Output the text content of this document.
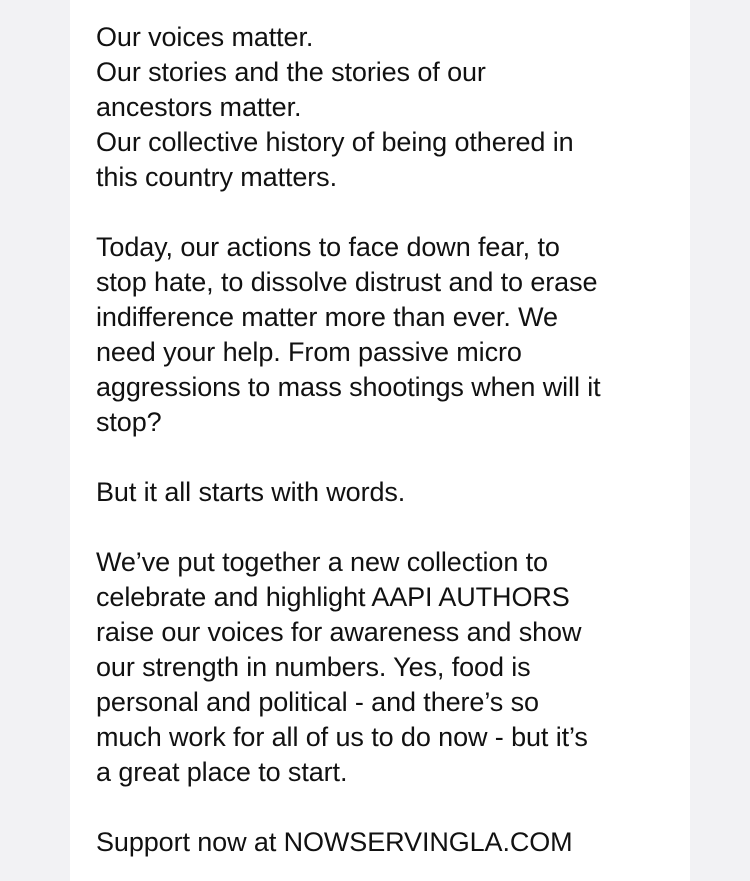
Our voices matter.
Our stories and the stories of our
ancestors matter.
Our collective history of being othered in
this country matters.

Today, our actions to face down fear, to
stop hate, to dissolve distrust and to erase
indifference matter more than ever. We
need your help. From passive micro
aggressions to mass shootings when will it
stop?

But it all starts with words.

We’ve put together a new collection to
celebrate and highlight AAPI AUTHORS
raise our voices for awareness and show
our strength in numbers. Yes, food is
personal and political - and there’s so
much work for all of us to do now - but it’s
a great place to start.

Support now at NOWSERVINGLA.COM
